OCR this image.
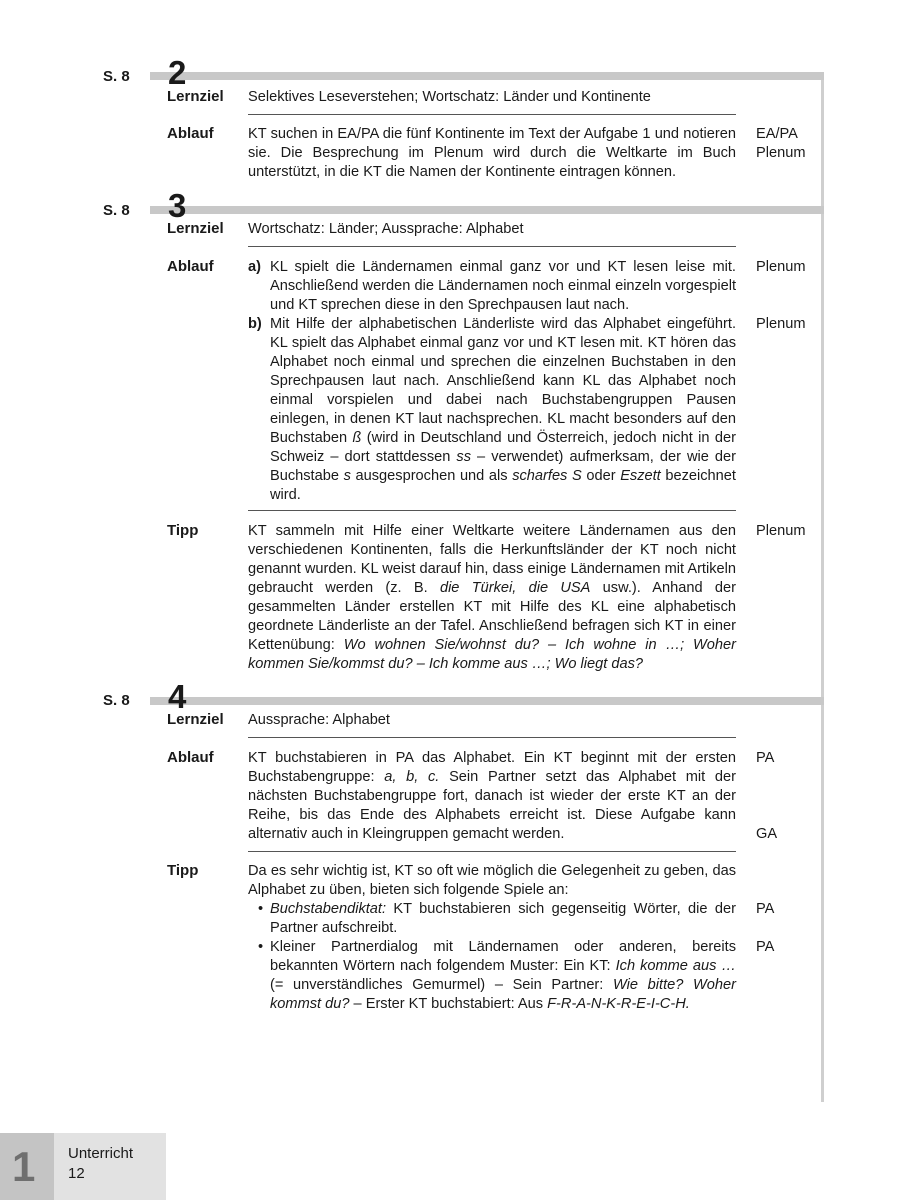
S. 8 2
Lernziel Selektives Leseverstehen; Wortschatz: Länder und Kontinente
Ablauf KT suchen in EA/PA die fünf Kontinente im Text der Aufgabe 1 und notieren sie. Die Besprechung im Plenum wird durch die Weltkarte im Buch unterstützt, in die KT die Namen der Kontinente eintragen können.
EA/PA
Plenum
S. 8 3
Lernziel Wortschatz: Länder; Aussprache: Alphabet
Ablauf a) KL spielt die Ländernamen einmal ganz vor und KT lesen leise mit. Anschließend werden die Ländernamen noch einmal einzeln vorgespielt und KT sprechen diese in den Sprechpausen laut nach.
b) Mit Hilfe der alphabetischen Länderliste wird das Alphabet eingeführt. KL spielt das Alphabet einmal ganz vor und KT lesen mit. KT hören das Alphabet noch einmal und sprechen die einzelnen Buchstaben in den Sprechpausen laut nach. Anschließend kann KL das Alphabet noch einmal vorspielen und dabei nach Buchstabengruppen Pausen einlegen, in denen KT laut nachsprechen. KL macht besonders auf den Buchstaben ß (wird in Deutschland und Österreich, jedoch nicht in der Schweiz – dort stattdessen ss – verwendet) aufmerksam, der wie der Buchstabe s ausgesprochen und als scharfes S oder Eszett bezeichnet wird.
Plenum
Plenum
Tipp	KT sammeln mit Hilfe einer Weltkarte weitere Ländernamen aus den verschiedenen Kontinenten, falls die Herkunftsländer der KT noch nicht genannt wurden. KL weist darauf hin, dass einige Ländernamen mit Artikeln gebraucht werden (z. B. die Türkei, die USA usw.). Anhand der gesammelten Länder erstellen KT mit Hilfe des KL eine alphabetisch geordnete Länderliste an der Tafel. Anschließend befragen sich KT in einer Kettenübung: Wo wohnen Sie/wohnst du? – Ich wohne in …; Woher kommen Sie/kommst du? – Ich komme aus …; Wo liegt das?
Plenum
S. 8 4
Lernziel Aussprache: Alphabet
Ablauf KT buchstabieren in PA das Alphabet. Ein KT beginnt mit der ersten Buchstabengruppe: a, b, c. Sein Partner setzt das Alphabet mit der nächsten Buchstabengruppe fort, danach ist wieder der erste KT an der Reihe, bis das Ende des Alphabets erreicht ist. Diese Aufgabe kann alternativ auch in Kleingruppen gemacht werden.
PA
GA
Tipp	Da es sehr wichtig ist, KT so oft wie möglich die Gelegenheit zu geben, das Alphabet zu üben, bieten sich folgende Spiele an:
• Buchstabendiktat: KT buchstabieren sich gegenseitig Wörter, die der Partner aufschreibt.
• Kleiner Partnerdialog mit Ländernamen oder anderen, bereits bekannten Wörtern nach folgendem Muster: Ein KT: Ich komme aus … (= unverständliches Gemurmel) – Sein Partner: Wie bitte? Woher kommst du? – Erster KT buchstabiert: Aus F-R-A-N-K-R-E-I-C-H.
PA
PA
1 Unterricht
12
